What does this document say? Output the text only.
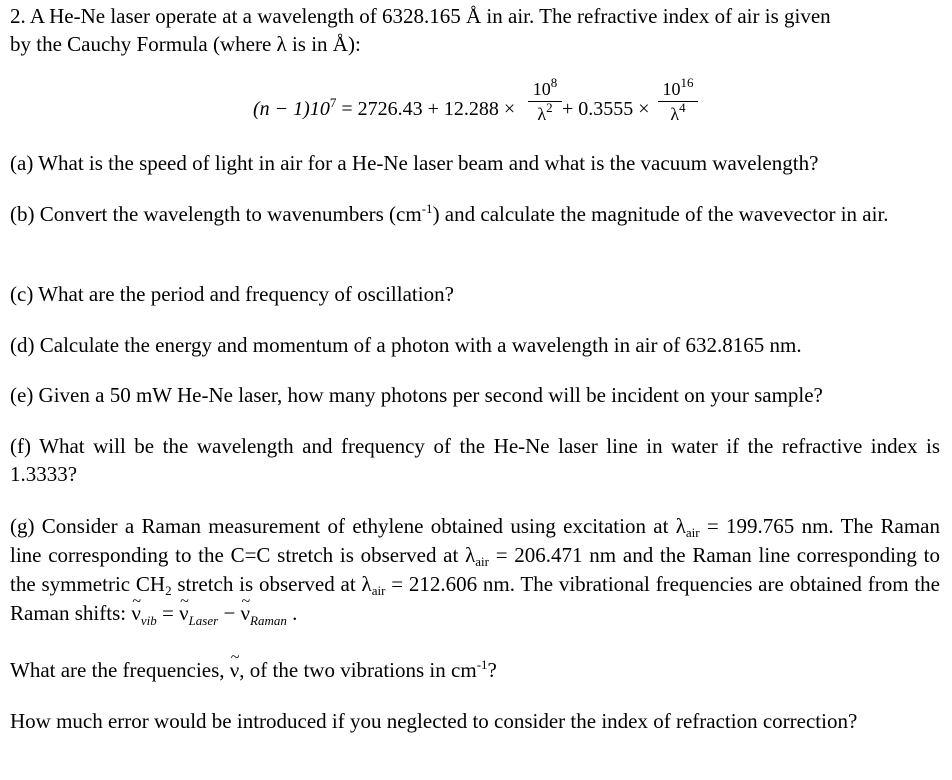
2. A He-Ne laser operate at a wavelength of 6328.165 Å in air. The refractive index of air is given
by the Cauchy Formula (where λ is in Å):

$(n - 1)10^7 = 2726.43 + 12.288$ ×
$10^8$
$\lambda^2 + 0.3555$ ×
$10^{16}$
$\lambda^4$

(a) What is the speed of light in air for a He-Ne laser beam and what is the vacuum wavelength?

(b) Convert the wavelength to wavenumbers $(cm^{-1})$ and calculate the magnitude of the wavevector in air.

(c) What are the period and frequency of oscillation?

(d) Calculate the energy and momentum of a photon with a wavelength in air of 632.8165 nm.

(e) Given a 50 mW He-Ne laser, how many photons per second will be incident on your sample?

(f) What will be the wavelength and frequency of the He-Ne laser line in water if the refractive index is 1.3333?

(g) Consider a Raman measurement of ethylene obtained using excitation at $\lambda_{air} = 199.765$ nm. The Raman line corresponding to the C=C stretch is observed at $\lambda_{air} = 206.471$ nm and the Raman line corresponding to the symmetric $CH_2$ stretch is observed at $\lambda_{air} = 212.606$ nm. The vibrational frequencies are obtained from the Raman shifts: ~ $\nu_{vib}$ = ~ $\nu_{Laser}$ − ~ $\nu_{Raman}$ .

What are the frequencies, ~ ν, of the two vibrations in $cm^{-1}$?

How much error would be introduced if you neglected to consider the index of refraction correction?
